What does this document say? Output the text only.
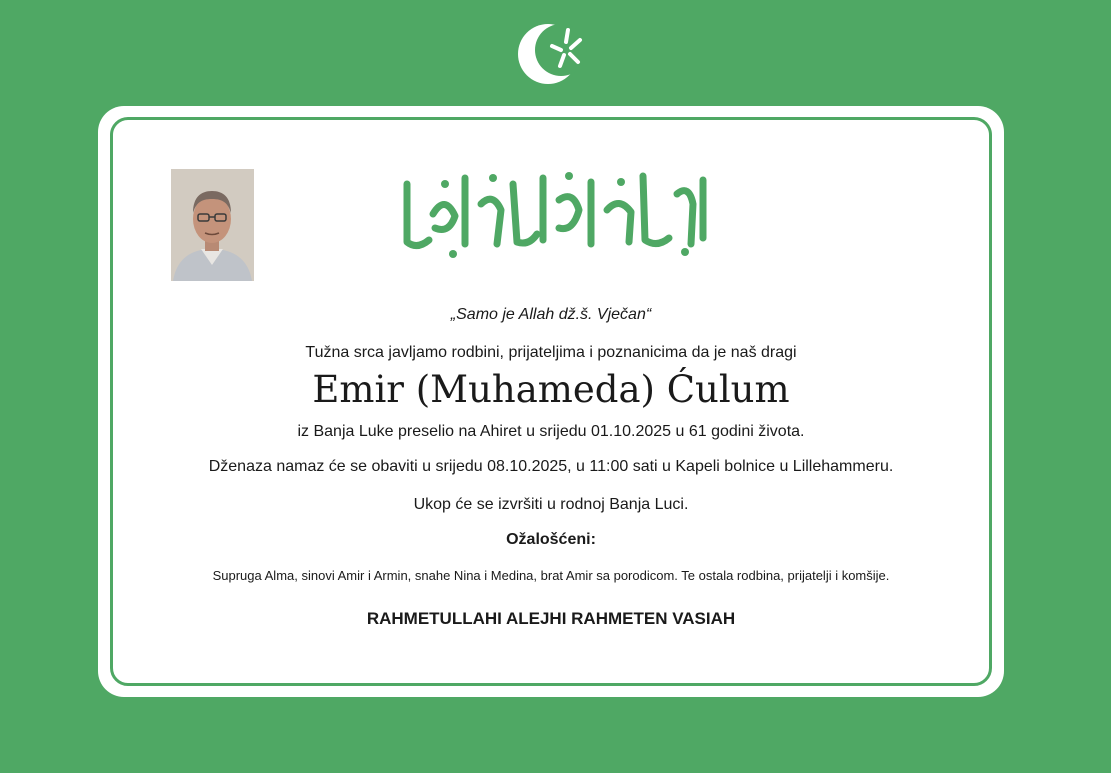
„Samo je Allah dž.š. Vječan“
Tužna srca javljamo rodbini, prijateljima i poznanicima da je naš dragi
Emir (Muhameda) Ćulum
iz Banja Luke preselio na Ahiret u srijedu 01.10.2025 u 61 godini života.
Dženaza namaz će se obaviti u srijedu 08.10.2025, u 11:00 sati u Kapeli bolnice u Lillehammeru.
Ukop će se izvršiti u rodnoj Banja Luci.
Ožalošćeni:
Supruga Alma, sinovi Amir i Armin, snahe Nina i Medina, brat Amir sa porodicom. Te ostala rodbina, prijatelji i komšije.
RAHMETULLAHI ALEJHI RAHMETEN VASIAH
